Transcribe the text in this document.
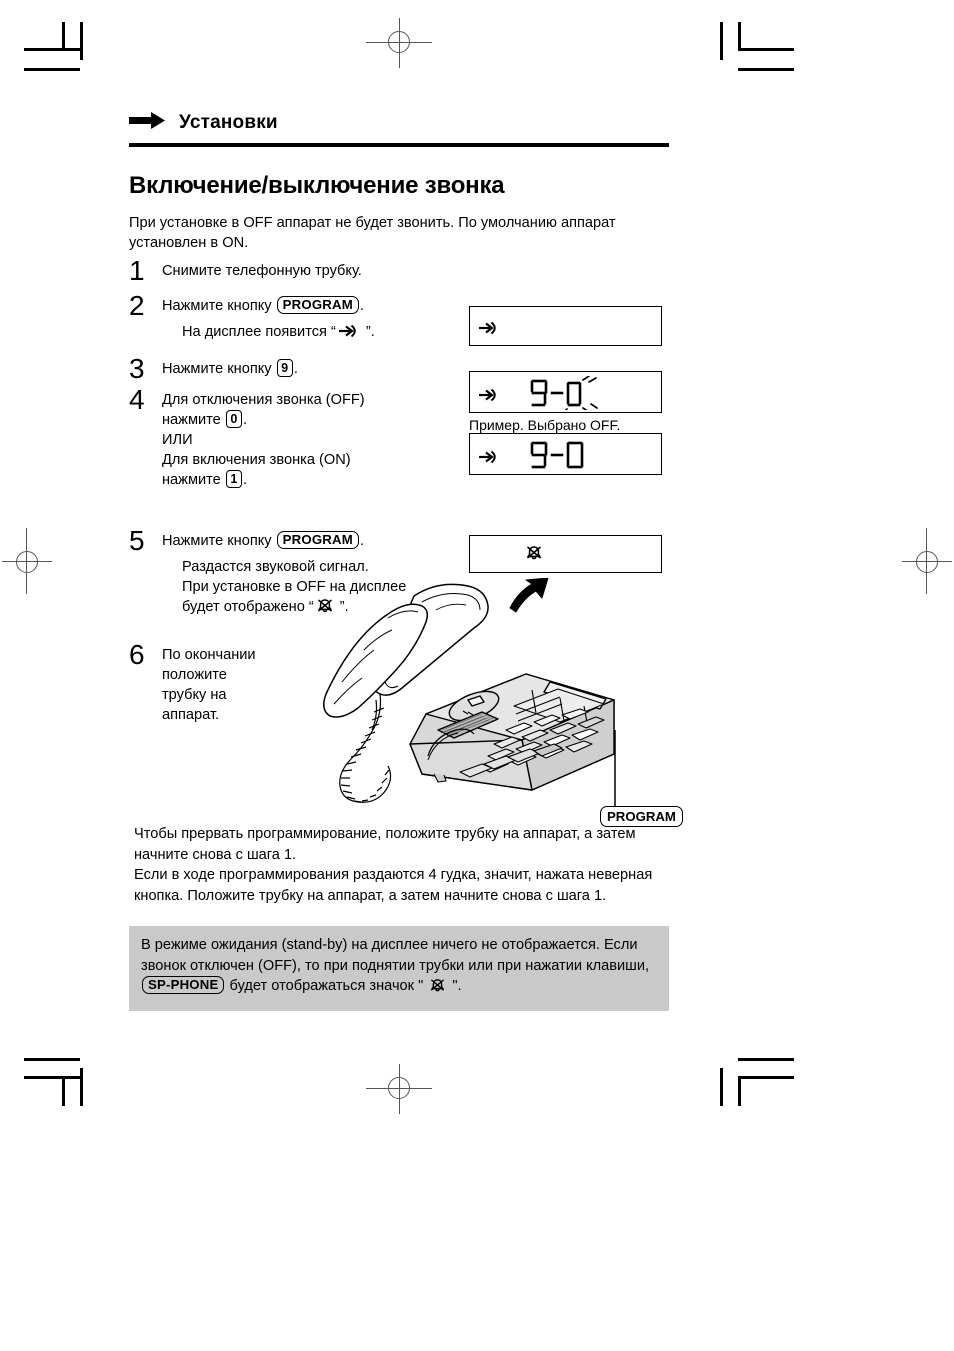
Установки
Включение/выключение звонка
При установке в OFF аппарат не будет звонить. По умолчанию аппарат установлен в ON.
1	Снимите телефонную трубку.
2	Нажмите кнопку PROGRAM .
На дисплее появится “ ”.
3	Нажмите кнопку 9 .
4	Для отключения звонка (OFF)
нажмите 0 .
ИЛИ
Для включения звонка (ON)
нажмите 1 .
5	Нажмите кнопку PROGRAM .
Раздастся звуковой сигнал.
При установке в OFF на дисплее
будет отображено “ ”.
6	По окончании
положите
трубку на
аппарат.
Пример. Выбрано OFF.
PROGRAM

Чтобы прервать программирование, положите трубку на аппарат, а затем начните снова с шага 1.

Если в ходе программирования раздаются 4 гудка, значит, нажата неверная кнопка. Положите трубку на аппарат, а затем начните снова с шага 1.

В режиме ожидания (stand-by) на дисплее ничего не отображается. Если звонок отключен (OFF), то при поднятии трубки или при нажатии клавиши, SP-PHONE будет отображаться значок "  ".
